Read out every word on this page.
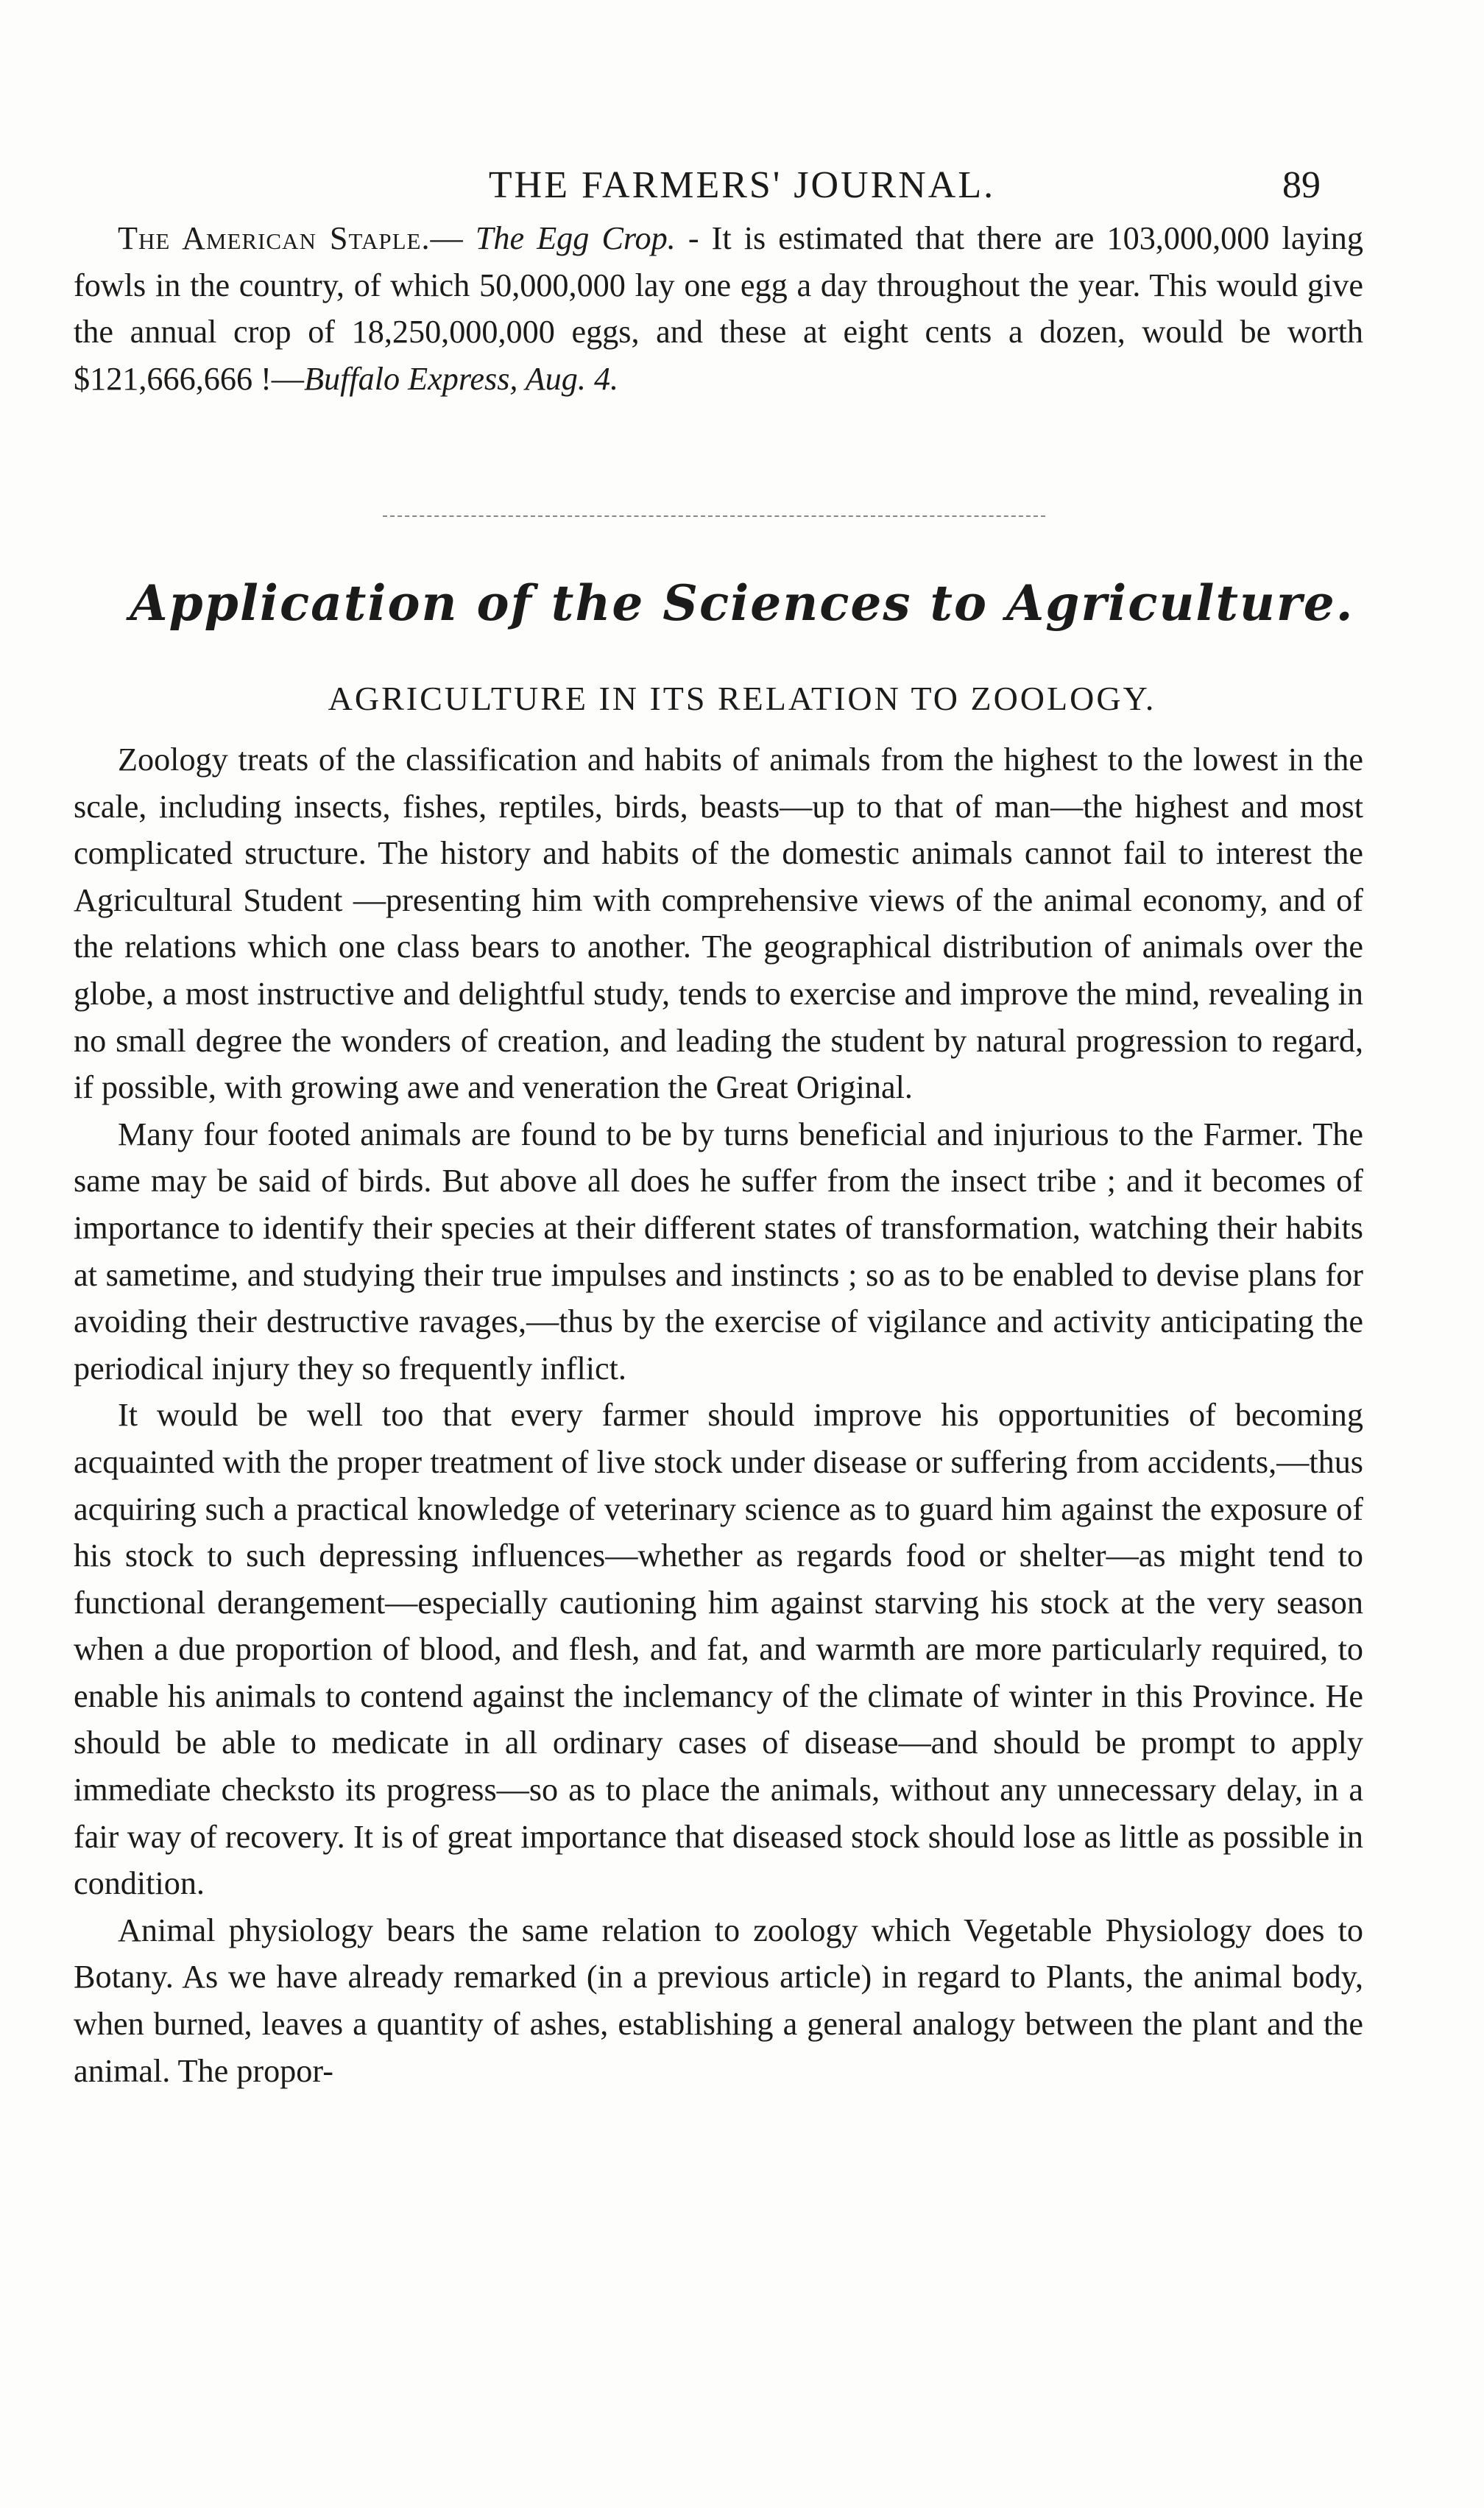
THE FARMERS' JOURNAL.	89

The American Staple.— The Egg Crop. - It is estimated that there are 103,000,000 laying fowls in the country, of which 50,000,000 lay one egg a day throughout the year. This would give the annual crop of 18,250,000,000 eggs, and these at eight cents a dozen, would be worth $121,666,666 !—Buffalo Express, Aug. 4.

Application of the Sciences to Agriculture.
AGRICULTURE IN ITS RELATION TO ZOOLOGY.

Zoology treats of the classification and habits of animals from the highest to the lowest in the scale, including insects, fishes, reptiles, birds, beasts—up to that of man—the highest and most complicated structure. The history and habits of the domestic animals cannot fail to interest the Agricultural Student —presenting him with comprehensive views of the animal economy, and of the relations which one class bears to another. The geographical distribution of animals over the globe, a most instructive and delightful study, tends to exercise and improve the mind, revealing in no small degree the wonders of creation, and leading the student by natural progression to regard, if possible, with growing awe and veneration the Great Original.

Many four footed animals are found to be by turns beneficial and injurious to the Farmer. The same may be said of birds. But above all does he suffer from the insect tribe ; and it becomes of importance to identify their species at their different states of transformation, watching their habits at sametime, and studying their true impulses and instincts ; so as to be enabled to devise plans for avoiding their destructive ravages,—thus by the exercise of vigilance and activity anticipating the periodical injury they so frequently inflict.

It would be well too that every farmer should improve his opportunities of becoming acquainted with the proper treatment of live stock under disease or suffering from accidents,—thus acquiring such a practical knowledge of veterinary science as to guard him against the exposure of his stock to such depressing influences—whether as regards food or shelter—as might tend to functional derangement—especially cautioning him against starving his stock at the very season when a due proportion of blood, and flesh, and fat, and warmth are more particularly required, to enable his animals to contend against the inclemancy of the climate of winter in this Province. He should be able to medicate in all ordinary cases of disease—and should be prompt to apply immediate checksto its progress—so as to place the animals, without any unnecessary delay, in a fair way of recovery. It is of great importance that diseased stock should lose as little as possible in condition.

Animal physiology bears the same relation to zoology which Vegetable Physiology does to Botany. As we have already remarked (in a previous article) in regard to Plants, the animal body, when burned, leaves a quantity of ashes, establishing a general analogy between the plant and the animal. The propor-
